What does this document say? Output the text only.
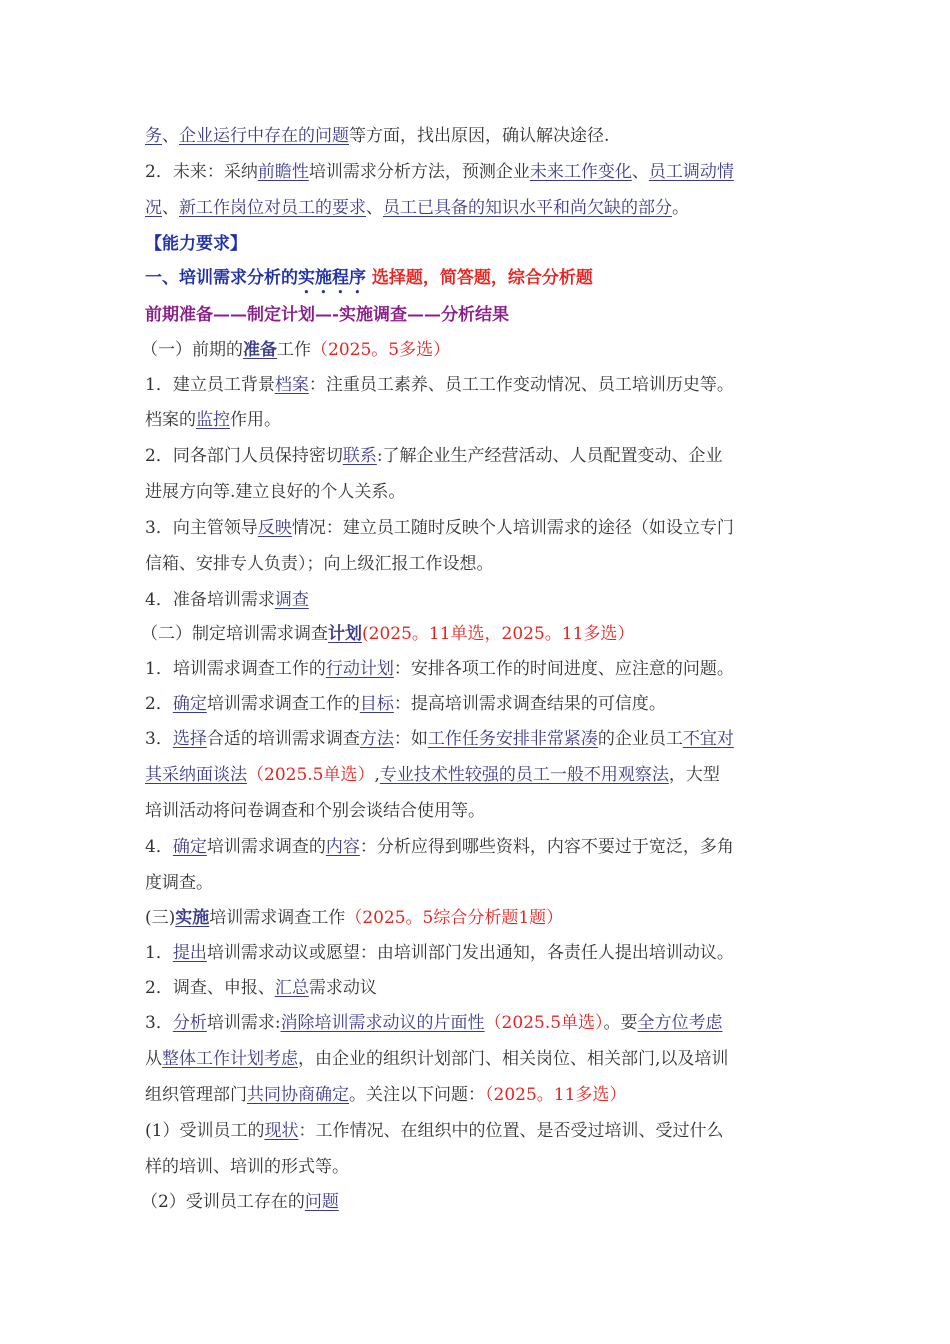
务、企业运行中存在的问题等方面，找出原因，确认解决途径.
2．未来：采纳前瞻性培训需求分析方法，预测企业未来工作变化、员工调动情
况、新工作岗位对员工的要求、员工已具备的知识水平和尚欠缺的部分。
【能力要求】
一、培训需求分析的实施程序 选择题，简答题，综合分析题
前期准备——制定计划—-实施调查——分析结果
（一）前期的准备工作（2025。5多选）
1．建立员工背景档案：注重员工素养、员工工作变动情况、员工培训历史等。
档案的监控作用。
2．同各部门人员保持密切联系:了解企业生产经营活动、人员配置变动、企业
进展方向等.建立良好的个人关系。
3．向主管领导反映情况：建立员工随时反映个人培训需求的途径（如设立专门
信箱、安排专人负责）；向上级汇报工作设想。
4．准备培训需求调查
（二）制定培训需求调查计划(2025。11单选，2025。11多选）
1．培训需求调查工作的行动计划：安排各项工作的时间进度、应注意的问题。
2．确定培训需求调查工作的目标：提高培训需求调查结果的可信度。
3．选择合适的培训需求调查方法：如工作任务安排非常紧凑的企业员工不宜对
其采纳面谈法（2025.5单选）,专业技术性较强的员工一般不用观察法，大型
培训活动将问卷调查和个别会谈结合使用等。
4．确定培训需求调查的内容：分析应得到哪些资料，内容不要过于宽泛，多角
度调查。
(三)实施培训需求调查工作（2025。5综合分析题1题）
1．提出培训需求动议或愿望：由培训部门发出通知，各责任人提出培训动议。
2．调查、申报、汇总需求动议
3．分析培训需求:消除培训需求动议的片面性（2025.5单选）。要全方位考虑
从整体工作计划考虑，由企业的组织计划部门、相关岗位、相关部门,以及培训
组织管理部门共同协商确定。关注以下问题：（2025。11多选）
(1）受训员工的现状：工作情况、在组织中的位置、是否受过培训、受过什么
样的培训、培训的形式等。
（2）受训员工存在的问题
